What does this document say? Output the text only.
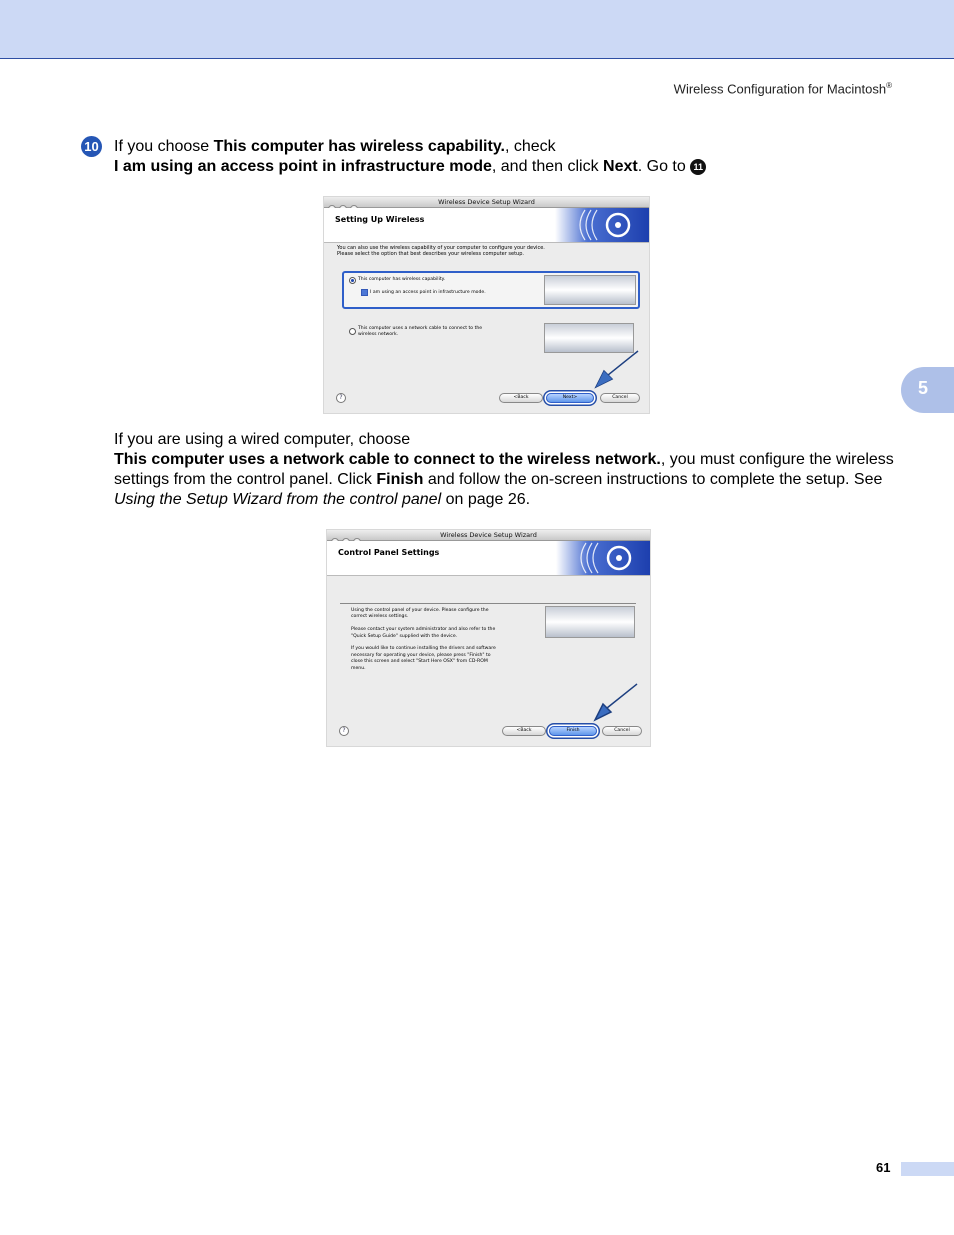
Wireless Configuration for Macintosh®
5
10 If you choose This computer has wireless capability., check
I am using an access point in infrastructure mode, and then click Next. Go to 11
Wireless Device Setup Wizard
Setting Up Wireless
You can also use the wireless capability of your computer to configure your device.
Please select the option that best describes your wireless computer setup.
This computer has wireless capability.
I am using an access point in infrastructure mode.
This computer uses a network cable to connect to the
wireless network.
?	<Back	Next>	Cancel
If you are using a wired computer, choose
This computer uses a network cable to connect to the wireless network., you must configure the wireless settings from the control panel. Click Finish and follow the on-screen instructions to complete the setup. See Using the Setup Wizard from the control panel on page 26.
Wireless Device Setup Wizard
Control Panel Settings
Using the control panel of your device. Please configure the
correct wireless settings.

Please contact your system administrator and also refer to the
"Quick Setup Guide" supplied with the device.

If you would like to continue installing the drivers and software
necessary for operating your device, please press "Finish" to
close this screen and select "Start Here OSX" from CD-ROM
menu.
?	<Back	Finish	Cancel
61
